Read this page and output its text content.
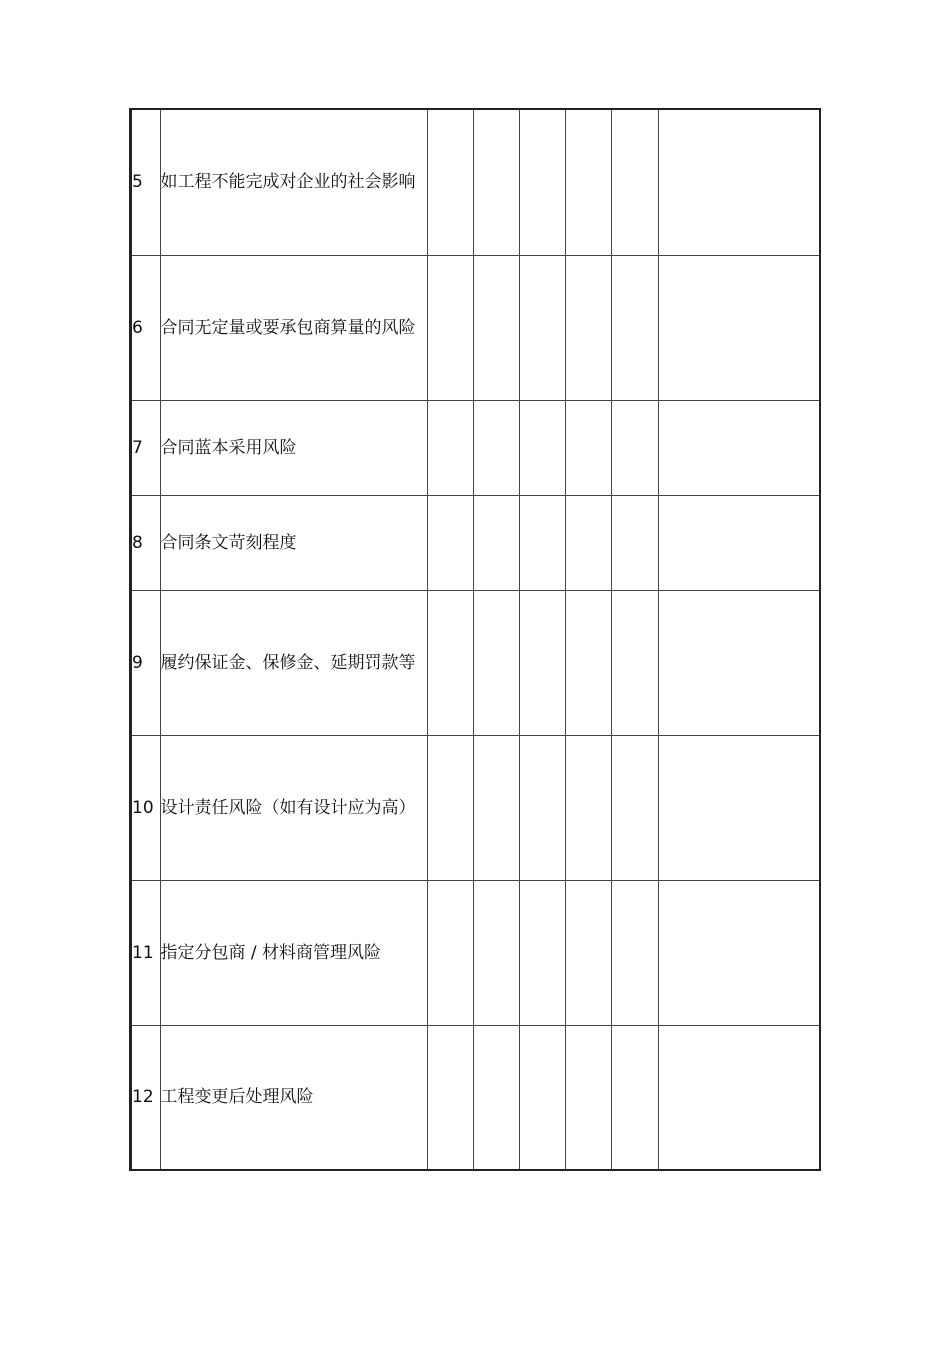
5	如工程不能完成对企业的社会影响						
6	合同无定量或要承包商算量的风险						
7	合同蓝本采用风险						
8	合同条文苛刻程度						
9	履约保证金、保修金、延期罚款等						
10	设计责任风险（如有设计应为高）						
11	指定分包商 / 材料商管理风险						
12	工程变更后处理风险						
